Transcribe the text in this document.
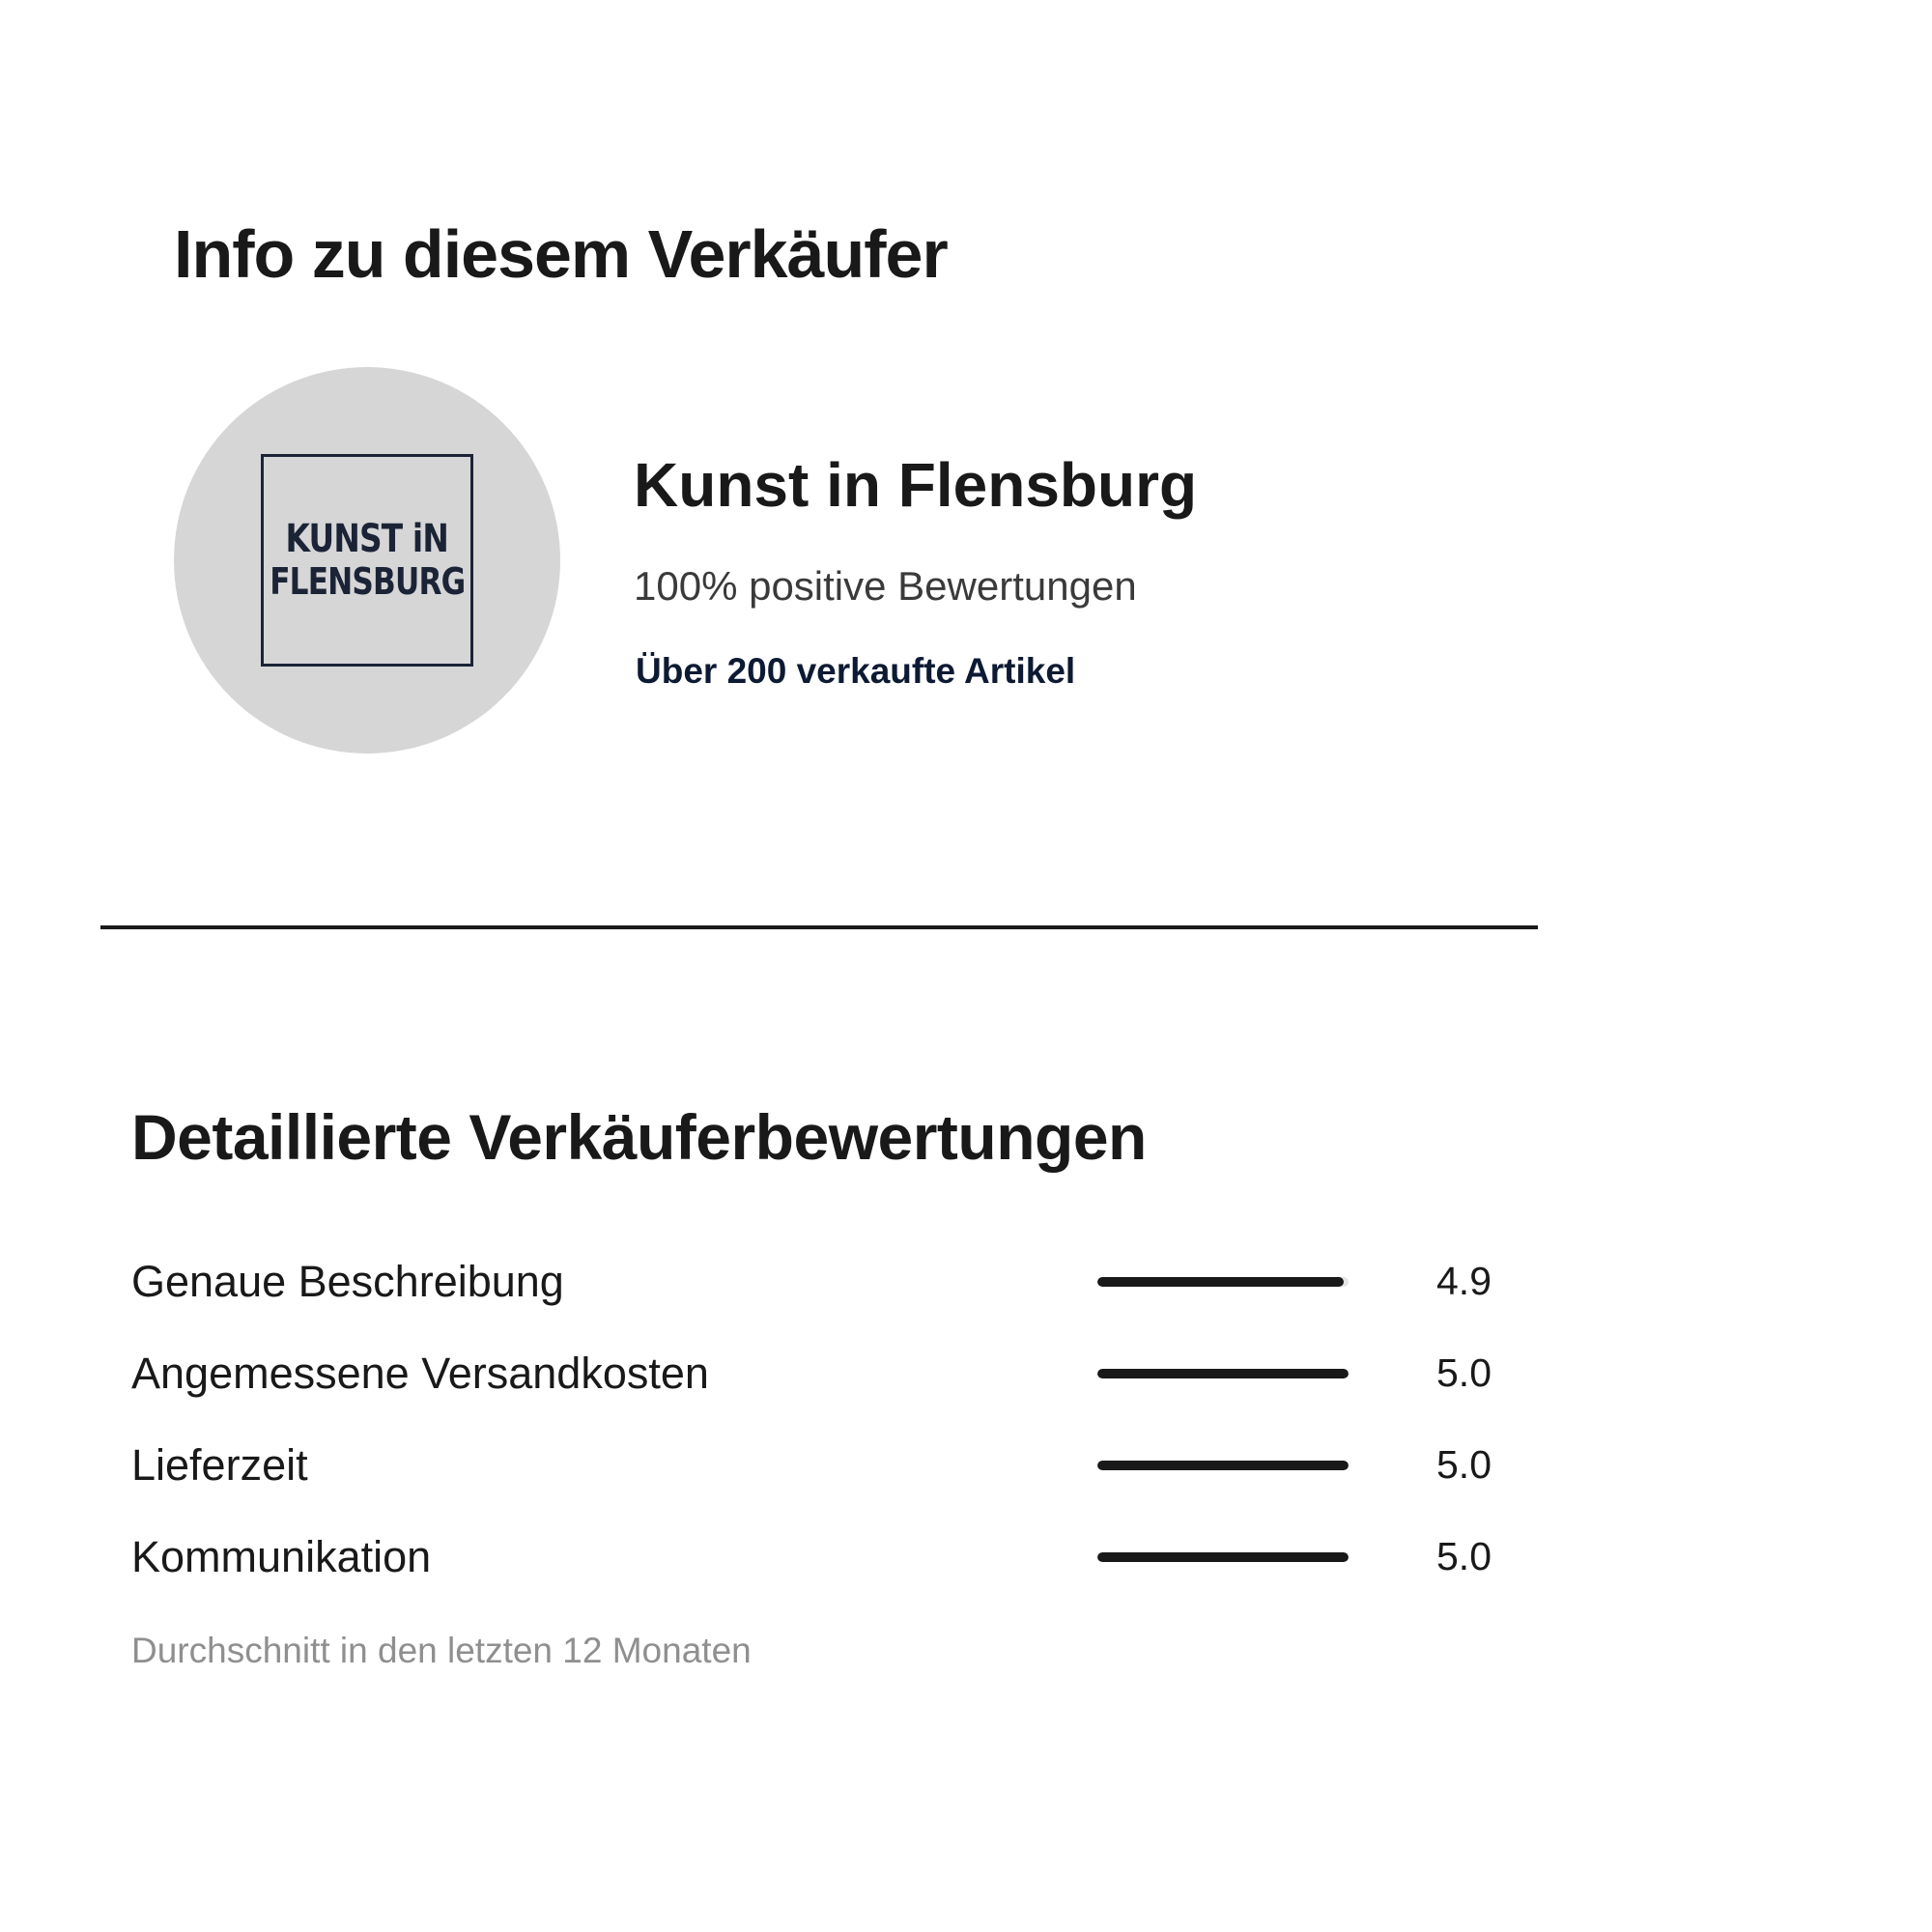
Info zu diesem Verkäufer
KUNST iN
FLENSBURG
Kunst in Flensburg
100% positive Bewertungen
Über 200 verkaufte Artikel
Detaillierte Verkäuferbewertungen
Genaue Beschreibung	4.9
Angemessene Versandkosten	5.0
Lieferzeit	5.0
Kommunikation	5.0
Durchschnitt in den letzten 12 Monaten
